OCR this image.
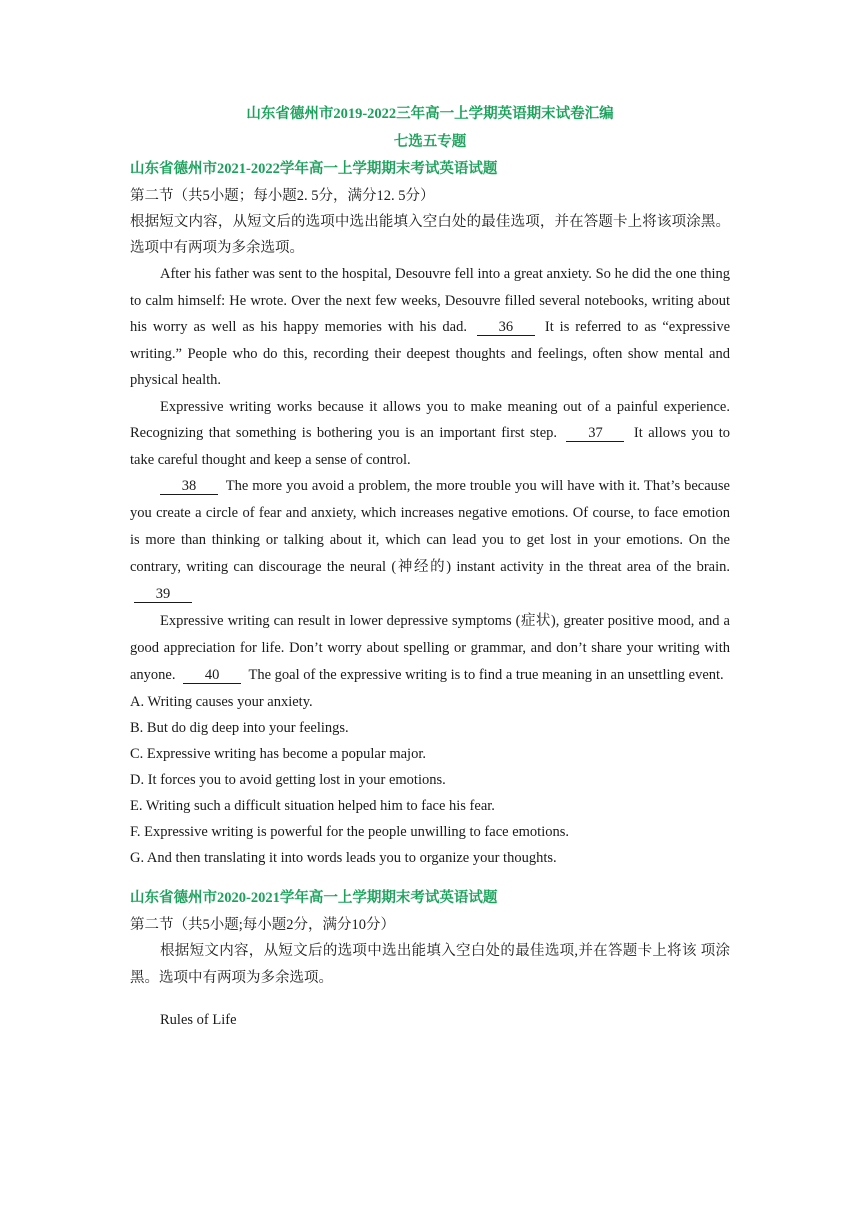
山东省德州市2019-2022三年高一上学期英语期末试卷汇编
七选五专题

山东省德州市2021-2022学年高一上学期期末考试英语试题

第二节（共5小题；每小题2. 5分，满分12. 5分）

根据短文内容，从短文后的选项中选出能填入空白处的最佳选项，并在答题卡上将该项涂黑。选项中有两项为多余选项。

After his father was sent to the hospital, Desouvre fell into a great anxiety. So he did the one thing to calm himself: He wrote. Over the next few weeks, Desouvre filled several notebooks, writing about his worry as well as his happy memories with his dad. 36 It is referred to as “expressive writing.” People who do this, recording their deepest thoughts and feelings, often show mental and physical health.

Expressive writing works because it allows you to make meaning out of a painful experience. Recognizing that something is bothering you is an important first step. 37 It allows you to take careful thought and keep a sense of control.

38 The more you avoid a problem, the more trouble you will have with it. That’s because you create a circle of fear and anxiety, which increases negative emotions. Of course, to face emotion is more than thinking or talking about it, which can lead you to get lost in your emotions. On the contrary, writing can discourage the neural (神经的) instant activity in the threat area of the brain. 39

Expressive writing can result in lower depressive symptoms (症状), greater positive mood, and a good appreciation for life. Don’t worry about spelling or grammar, and don’t share your writing with anyone. 40 The goal of the expressive writing is to find a true meaning in an unsettling event.

A. Writing causes your anxiety.

B. But do dig deep into your feelings.

C. Expressive writing has become a popular major.

D. It forces you to avoid getting lost in your emotions.

E. Writing such a difficult situation helped him to face his fear.

F. Expressive writing is powerful for the people unwilling to face emotions.

G. And then translating it into words leads you to organize your thoughts.

山东省德州市2020-2021学年高一上学期期末考试英语试题

第二节（共5小题;每小题2分，满分10分）

根据短文内容，从短文后的选项中选出能填入空白处的最佳选项,并在答题卡上将该 项涂黑。选项中有两项为多余选项。

Rules of Life
